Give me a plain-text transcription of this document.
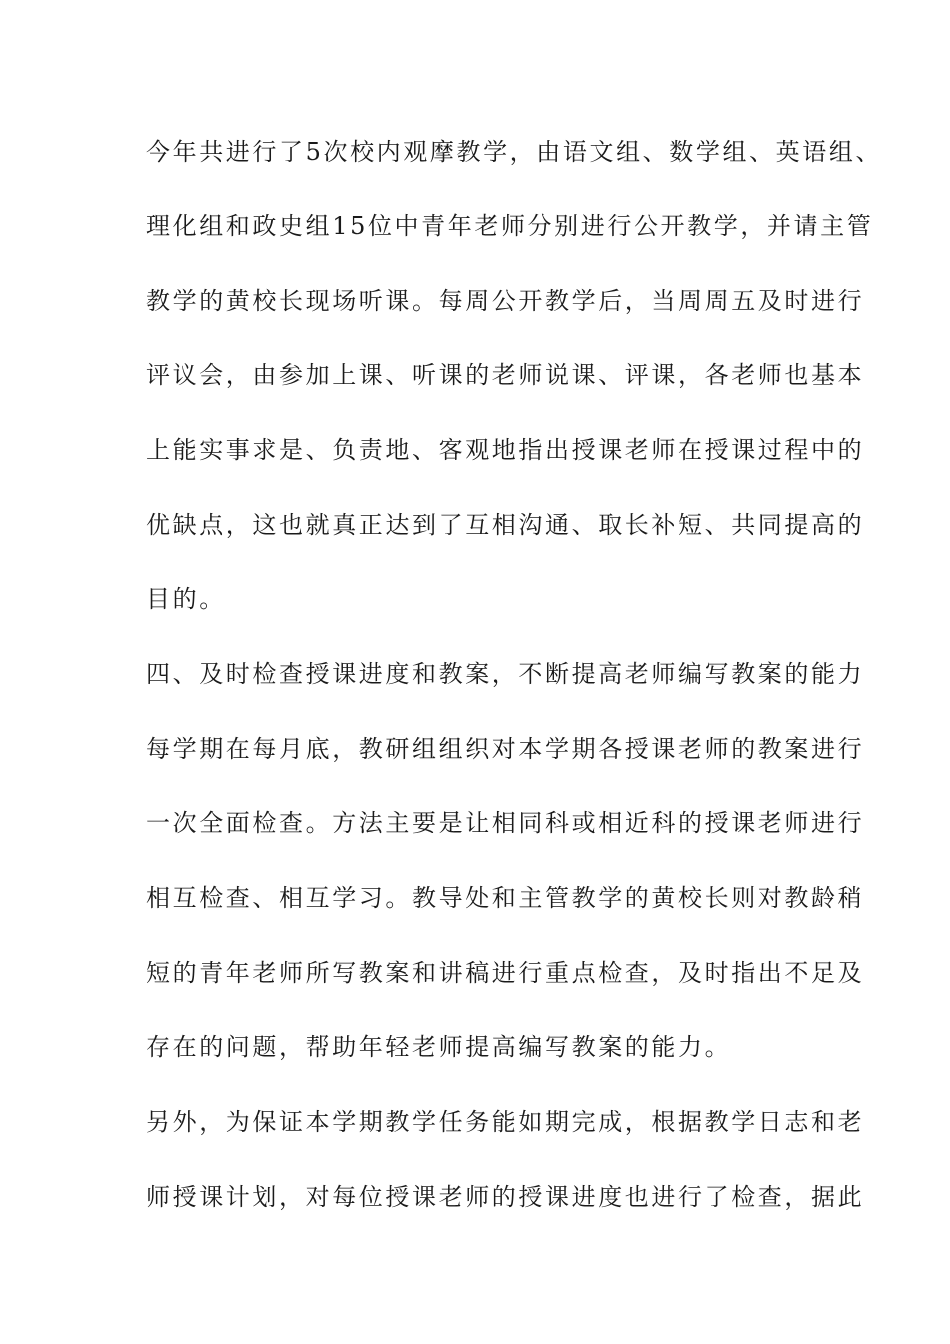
今年共进行了5次校内观摩教学，由语文组、数学组、英语组、
理化组和政史组15位中青年老师分别进行公开教学，并请主管
教学的黄校长现场听课。每周公开教学后，当周周五及时进行
评议会，由参加上课、听课的老师说课、评课，各老师也基本
上能实事求是、负责地、客观地指出授课老师在授课过程中的
优缺点，这也就真正达到了互相沟通、取长补短、共同提高的
目的。
四、及时检查授课进度和教案，不断提高老师编写教案的能力
每学期在每月底，教研组组织对本学期各授课老师的教案进行
一次全面检查。方法主要是让相同科或相近科的授课老师进行
相互检查、相互学习。教导处和主管教学的黄校长则对教龄稍
短的青年老师所写教案和讲稿进行重点检查，及时指出不足及
存在的问题，帮助年轻老师提高编写教案的能力。
另外，为保证本学期教学任务能如期完成，根据教学日志和老
师授课计划，对每位授课老师的授课进度也进行了检查，据此
